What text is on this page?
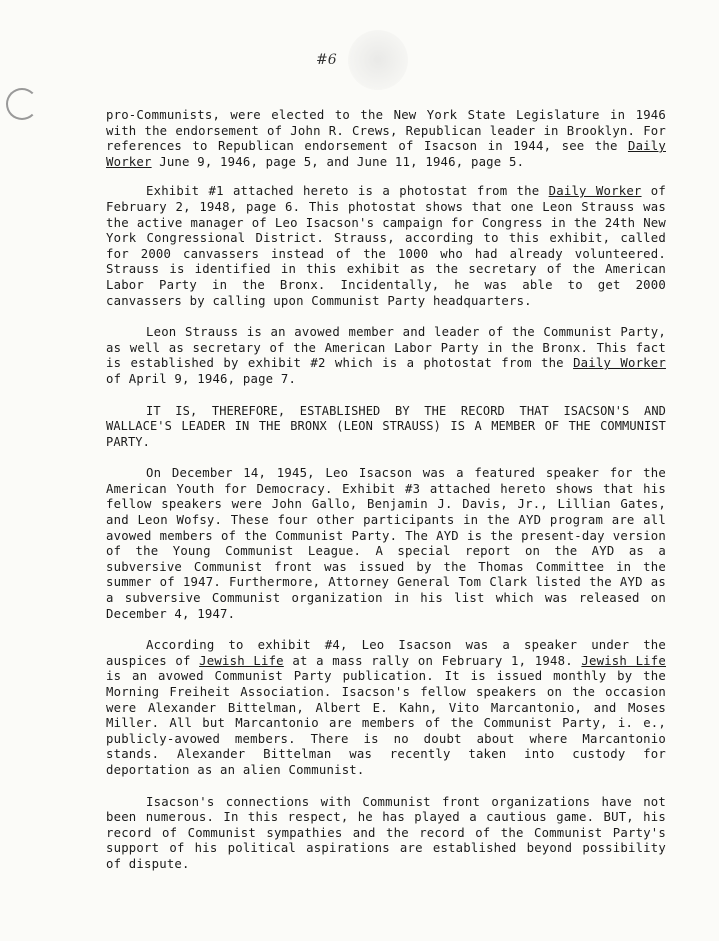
#6

pro-Communists, were elected to the New York State Legislature in 1946 with the endorsement of John R. Crews, Republican leader in Brooklyn. For references to Republican endorsement of Isacson in 1944, see the Daily Worker June 9, 1946, page 5, and June 11, 1946, page 5.

Exhibit #1 attached hereto is a photostat from the Daily Worker of February 2, 1948, page 6. This photostat shows that one Leon Strauss was the active manager of Leo Isacson's campaign for Congress in the 24th New York Congressional District. Strauss, according to this exhibit, called for 2000 canvassers instead of the 1000 who had already volunteered. Strauss is identified in this exhibit as the secretary of the American Labor Party in the Bronx. Incidentally, he was able to get 2000 canvassers by calling upon Communist Party headquarters.

Leon Strauss is an avowed member and leader of the Communist Party, as well as secretary of the American Labor Party in the Bronx. This fact is established by exhibit #2 which is a photostat from the Daily Worker of April 9, 1946, page 7.

IT IS, THEREFORE, ESTABLISHED BY THE RECORD THAT ISACSON'S AND WALLACE'S LEADER IN THE BRONX (LEON STRAUSS) IS A MEMBER OF THE COMMUNIST PARTY.

On December 14, 1945, Leo Isacson was a featured speaker for the American Youth for Democracy. Exhibit #3 attached hereto shows that his fellow speakers were John Gallo, Benjamin J. Davis, Jr., Lillian Gates, and Leon Wofsy. These four other participants in the AYD program are all avowed members of the Communist Party. The AYD is the present-day version of the Young Communist League. A special report on the AYD as a subversive Communist front was issued by the Thomas Committee in the summer of 1947. Furthermore, Attorney General Tom Clark listed the AYD as a subversive Communist organization in his list which was released on December 4, 1947.

According to exhibit #4, Leo Isacson was a speaker under the auspices of Jewish Life at a mass rally on February 1, 1948. Jewish Life is an avowed Communist Party publication. It is issued monthly by the Morning Freiheit Association. Isacson's fellow speakers on the occasion were Alexander Bittelman, Albert E. Kahn, Vito Marcantonio, and Moses Miller. All but Marcantonio are members of the Communist Party, i. e., publicly-avowed members. There is no doubt about where Marcantonio stands. Alexander Bittelman was recently taken into custody for deportation as an alien Communist.

Isacson's connections with Communist front organizations have not been numerous. In this respect, he has played a cautious game. BUT, his record of Communist sympathies and the record of the Communist Party's support of his political aspirations are established beyond possibility of dispute.
